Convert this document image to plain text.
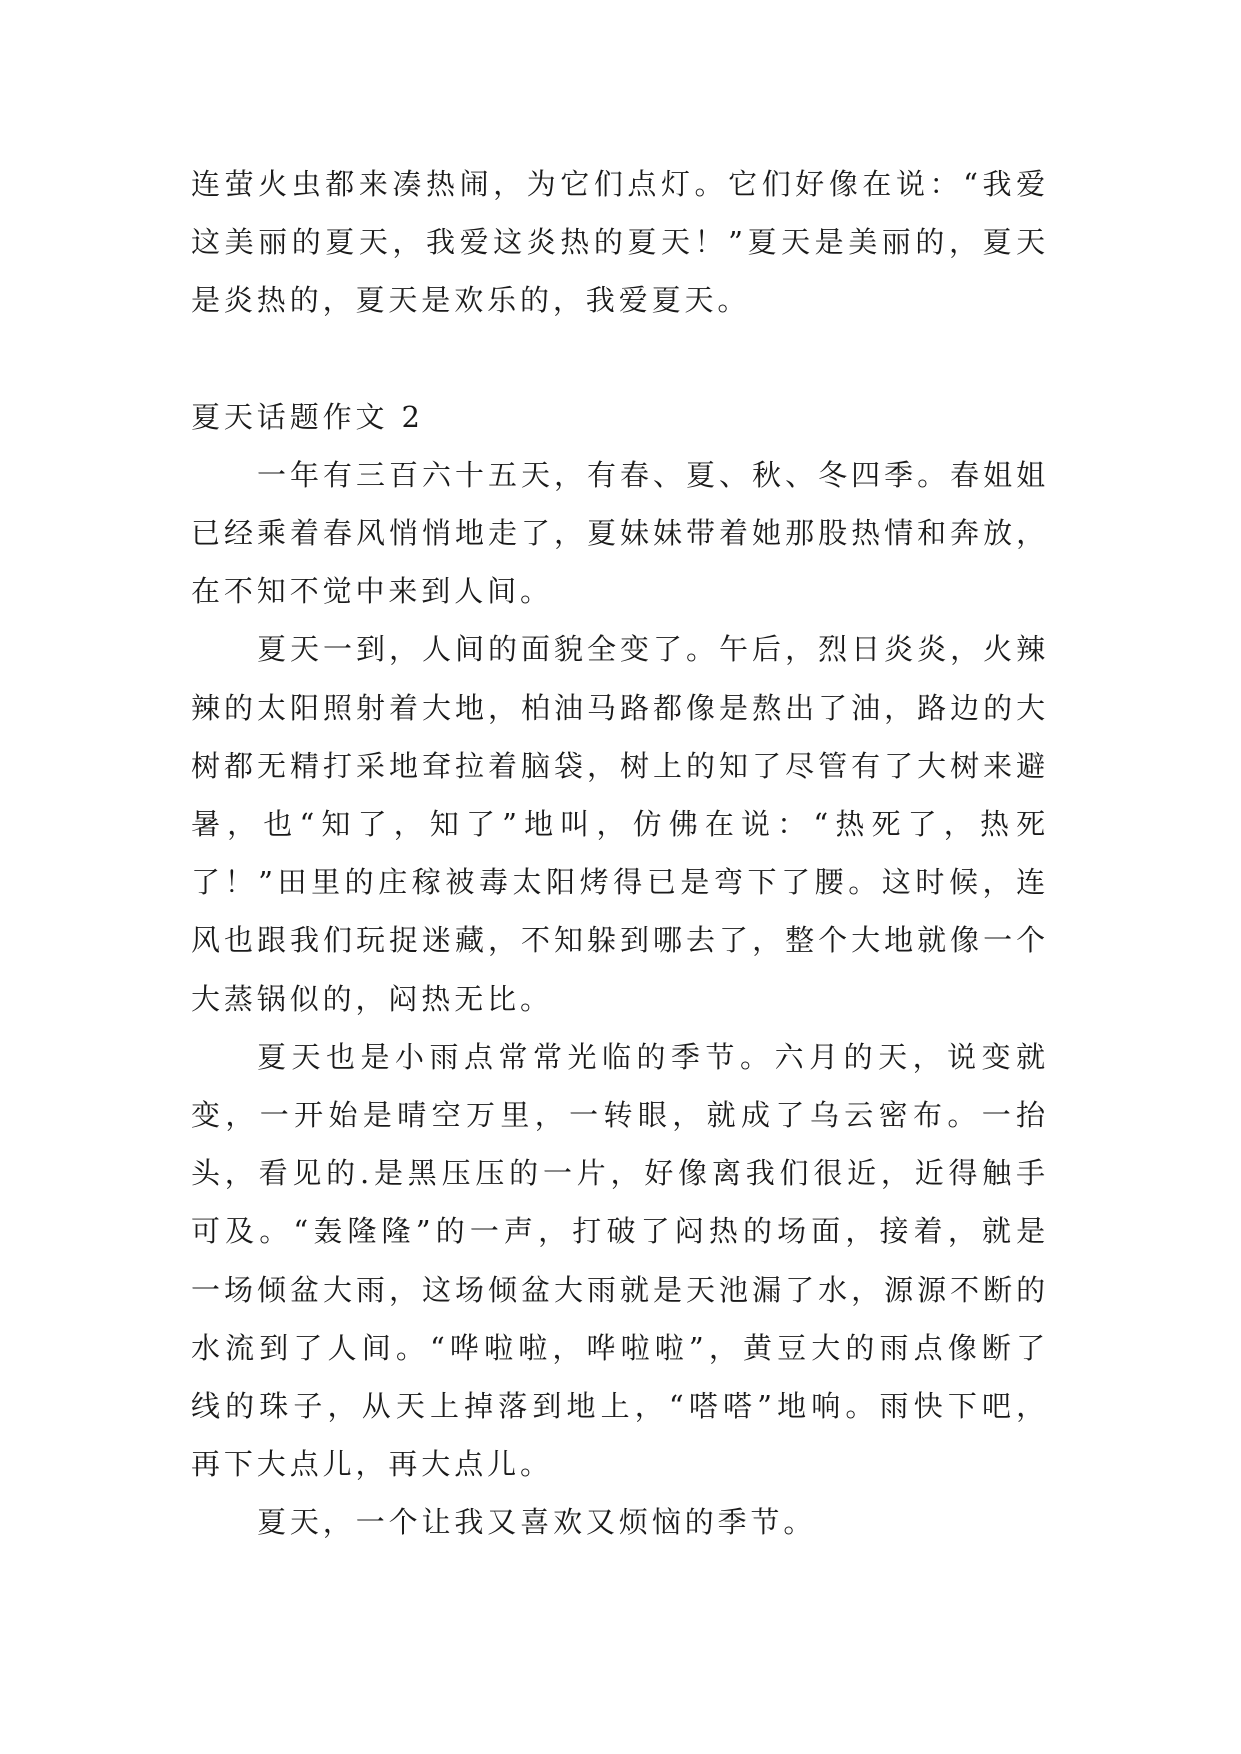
连萤火虫都来凑热闹，为它们点灯。它们好像在说：“我爱这美丽的夏天，我爱这炎热的夏天！”夏天是美丽的，夏天是炎热的，夏天是欢乐的，我爱夏天。

夏天话题作文 2

一年有三百六十五天，有春、夏、秋、冬四季。春姐姐已经乘着春风悄悄地走了，夏妹妹带着她那股热情和奔放，在不知不觉中来到人间。

夏天一到，人间的面貌全变了。午后，烈日炎炎，火辣辣的太阳照射着大地，柏油马路都像是熬出了油，路边的大树都无精打采地耷拉着脑袋，树上的知了尽管有了大树来避暑，也“知了，知了”地叫，仿佛在说：“热死了，热死了！”田里的庄稼被毒太阳烤得已是弯下了腰。这时候，连风也跟我们玩捉迷藏，不知躲到哪去了，整个大地就像一个大蒸锅似的，闷热无比。

夏天也是小雨点常常光临的季节。六月的天，说变就变，一开始是晴空万里，一转眼，就成了乌云密布。一抬头，看见的.是黑压压的一片，好像离我们很近，近得触手可及。“轰隆隆”的一声，打破了闷热的场面，接着，就是一场倾盆大雨，这场倾盆大雨就是天池漏了水，源源不断的水流到了人间。“哗啦啦，哗啦啦”，黄豆大的雨点像断了线的珠子，从天上掉落到地上，“嗒嗒”地响。雨快下吧，再下大点儿，再大点儿。

夏天，一个让我又喜欢又烦恼的季节。
